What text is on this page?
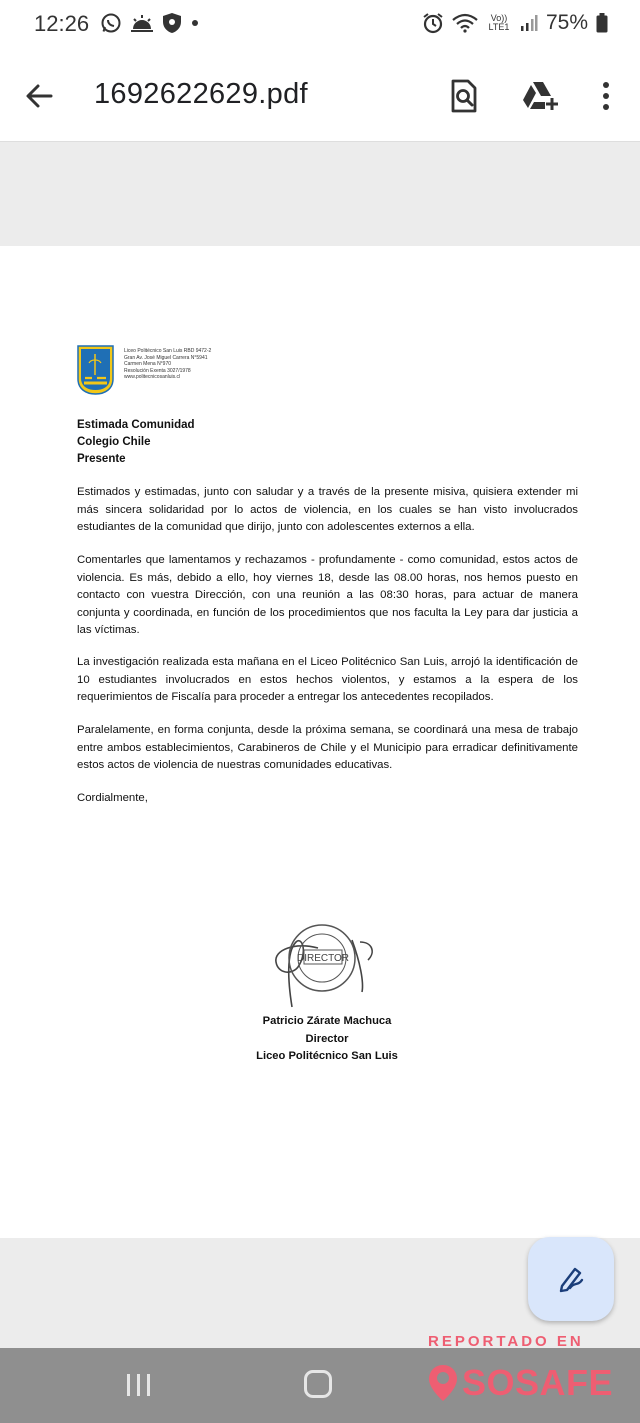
12:26	Vo)) LTE1 75%
1692622629.pdf
Liceo Politécnico San Luis RBD 9472-2
Gran Av. José Miguel Carrera N°5941
Carmen Mena N°970
Resolución Exenta 3027/1978
www.politecnicosanluis.cl
Estimada Comunidad
Colegio Chile
Presente

Estimados y estimadas, junto con saludar y a través de la presente misiva, quisiera extender mi más sincera solidaridad por lo actos de violencia, en los cuales se han visto involucrados estudiantes de la comunidad que dirijo, junto con adolescentes externos a ella.

Comentarles que lamentamos y rechazamos - profundamente - como comunidad, estos actos de violencia. Es más, debido a ello, hoy viernes 18, desde las 08.00 horas, nos hemos puesto en contacto con vuestra Dirección, con una reunión a las 08:30 horas, para actuar de manera conjunta y coordinada, en función de los procedimientos que nos faculta la Ley para dar justicia a las víctimas.

La investigación realizada esta mañana en el Liceo Politécnico San Luis, arrojó la identificación de 10 estudiantes involucrados en estos hechos violentos, y estamos a la espera de los requerimientos de Fiscalía para proceder a entregar los antecedentes recopilados.

Paralelamente, en forma conjunta, desde la próxima semana, se coordinará una mesa de trabajo entre ambos establecimientos, Carabineros de Chile y el Municipio para erradicar definitivamente estos actos de violencia de nuestras comunidades educativas.

Cordialmente,
DIRECTOR
Patricio Zárate Machuca
Director
Liceo Politécnico San Luis
REPORTADO EN
SOSAFE
